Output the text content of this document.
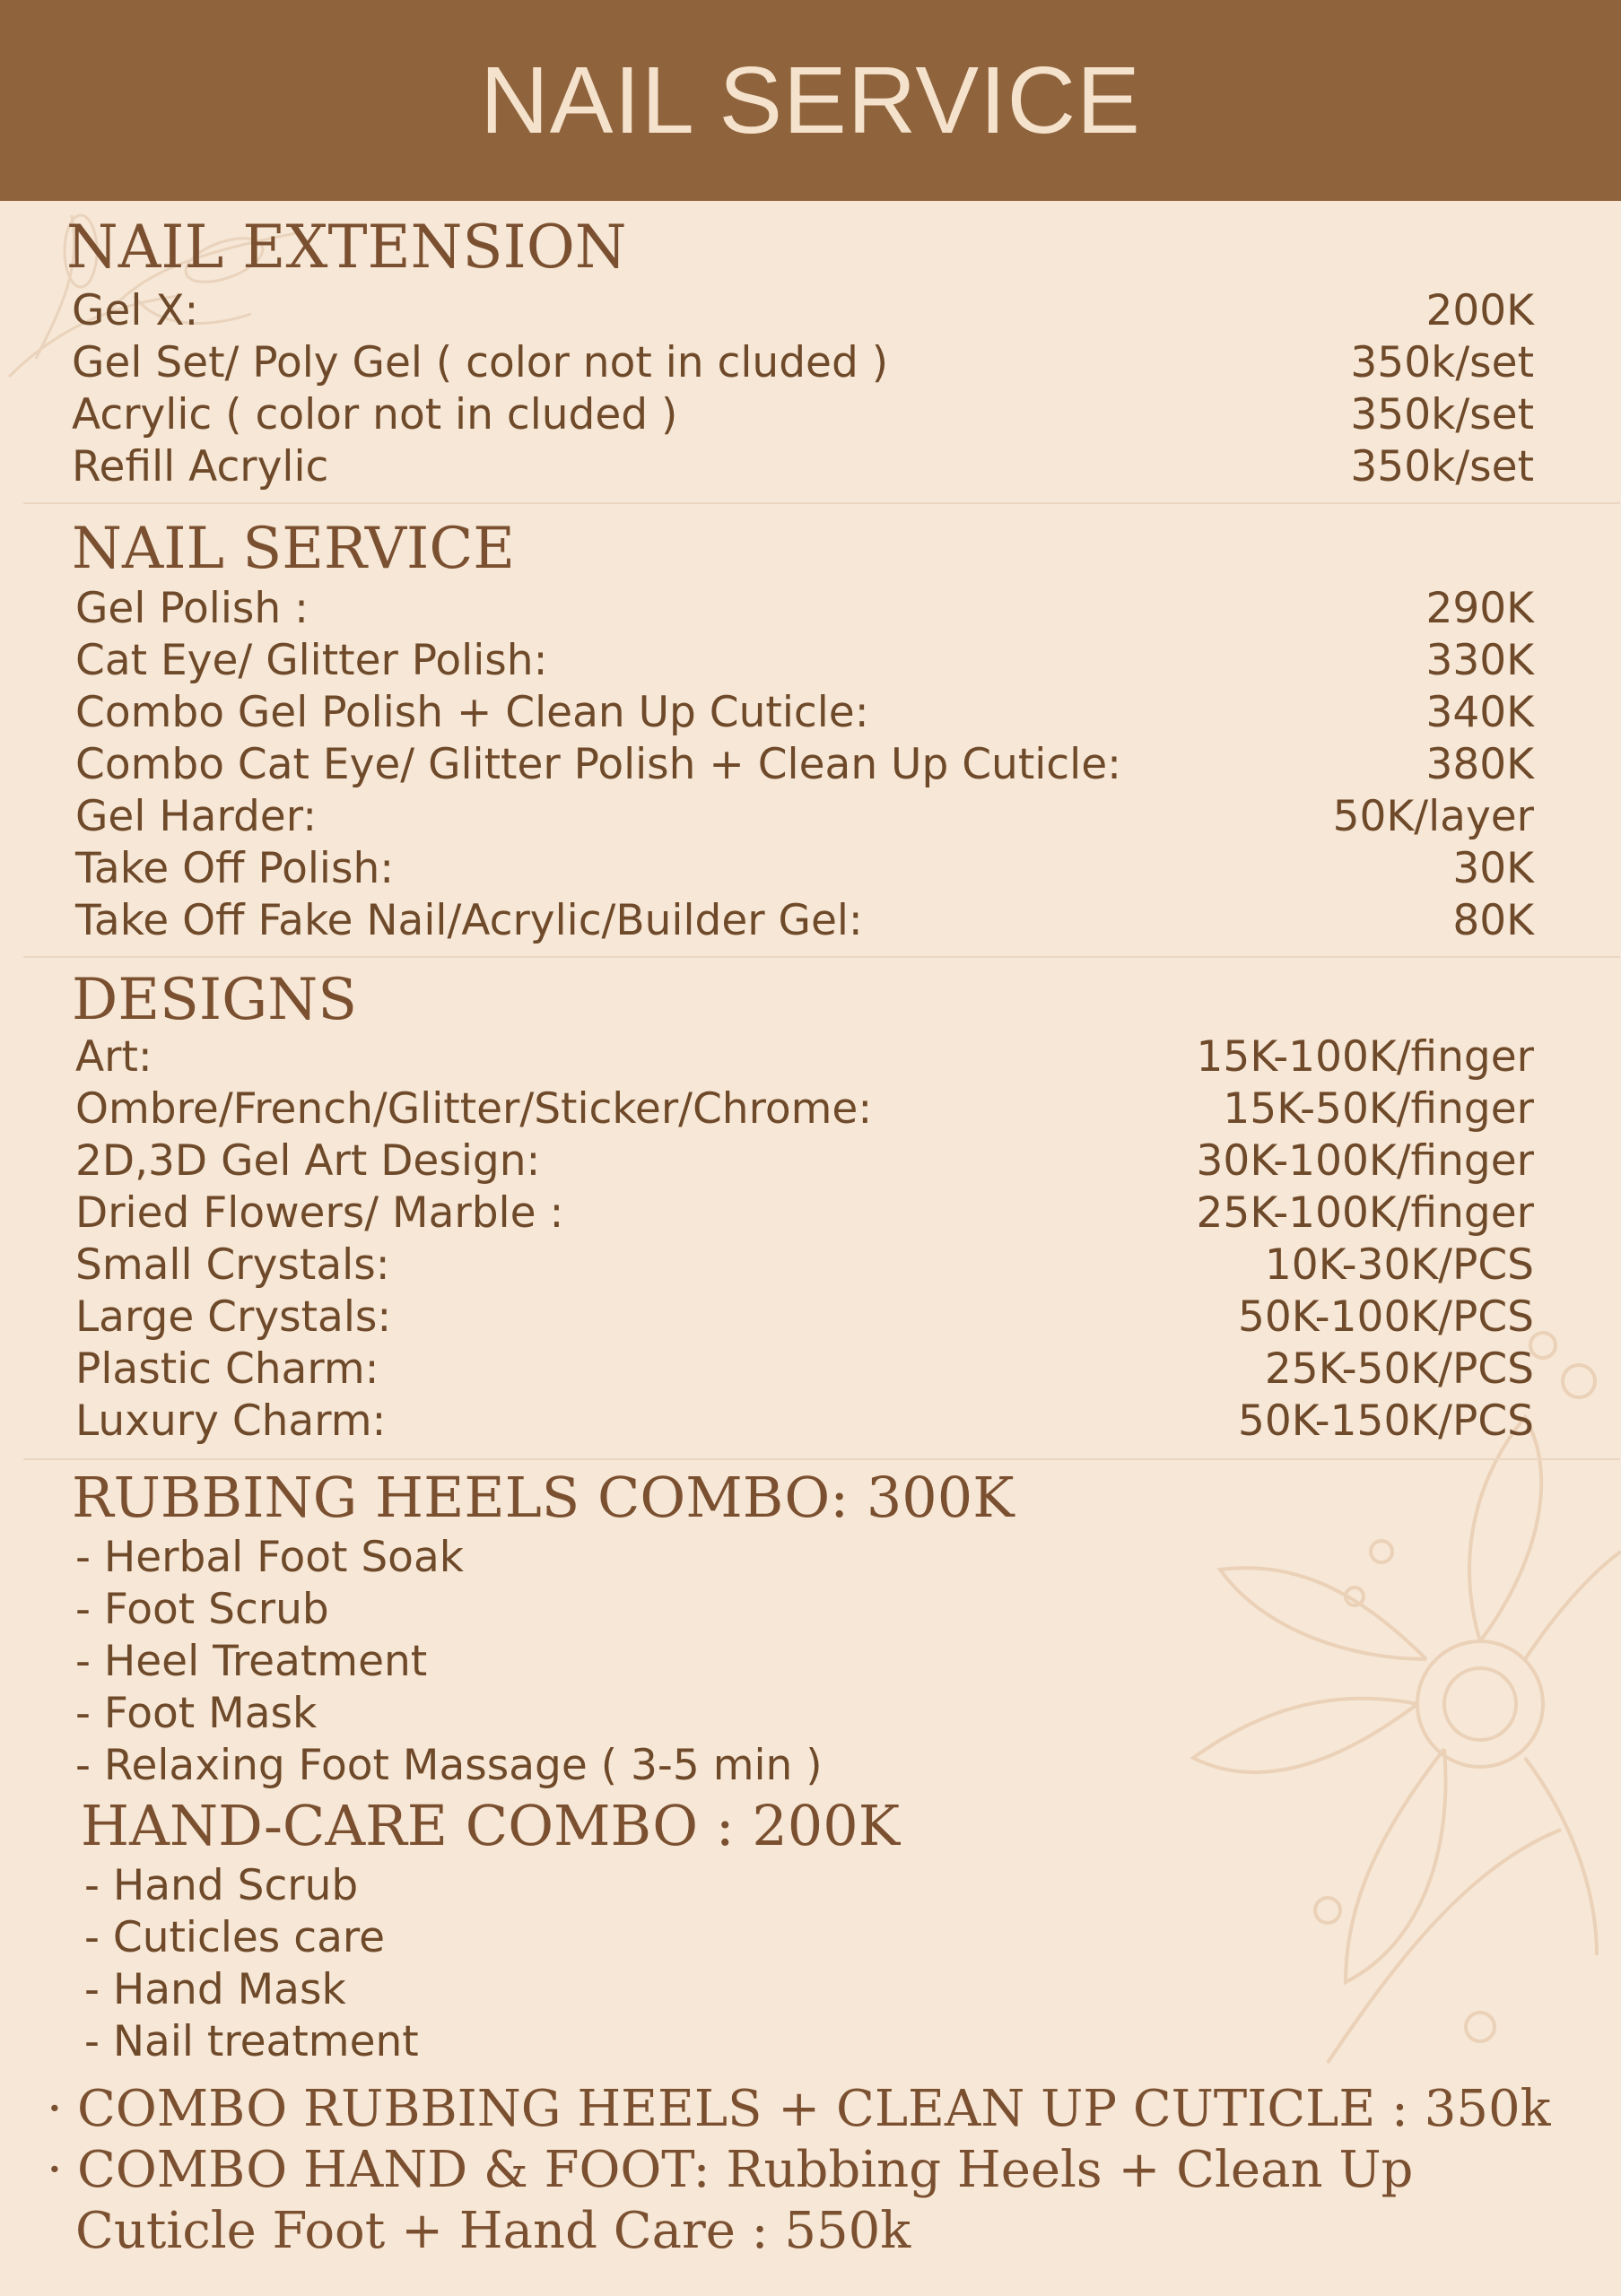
NAIL SERVICE
NAIL EXTENSION
Gel X:	200K
Gel Set/ Poly Gel ( color not in cluded )	350k/set
Acrylic ( color not in cluded )	350k/set
Refill Acrylic	350k/set
NAIL SERVICE
Gel Polish :	290K
Cat Eye/ Glitter Polish:	330K
Combo Gel Polish + Clean Up Cuticle:	340K
Combo Cat Eye/ Glitter Polish + Clean Up Cuticle:	380K
Gel Harder:	50K/layer
Take Off Polish:	30K
Take Off Fake Nail/Acrylic/Builder Gel:	80K
DESIGNS
Art:	15K-100K/finger
Ombre/French/Glitter/Sticker/Chrome:	15K-50K/finger
2D,3D Gel Art Design:	30K-100K/finger
Dried Flowers/ Marble :	25K-100K/finger
Small Crystals:	10K-30K/PCS
Large Crystals:	50K-100K/PCS
Plastic Charm:	25K-50K/PCS
Luxury Charm:	50K-150K/PCS
RUBBING HEELS COMBO: 300K
- Herbal Foot Soak
- Foot Scrub
- Heel Treatment
- Foot Mask
- Relaxing Foot Massage ( 3-5 min )
HAND-CARE COMBO : 200K
- Hand Scrub
- Cuticles care
- Hand Mask
- Nail treatment
· COMBO RUBBING HEELS + CLEAN UP CUTICLE : 350k
· COMBO HAND & FOOT: Rubbing Heels + Clean Up
Cuticle Foot + Hand Care : 550k
